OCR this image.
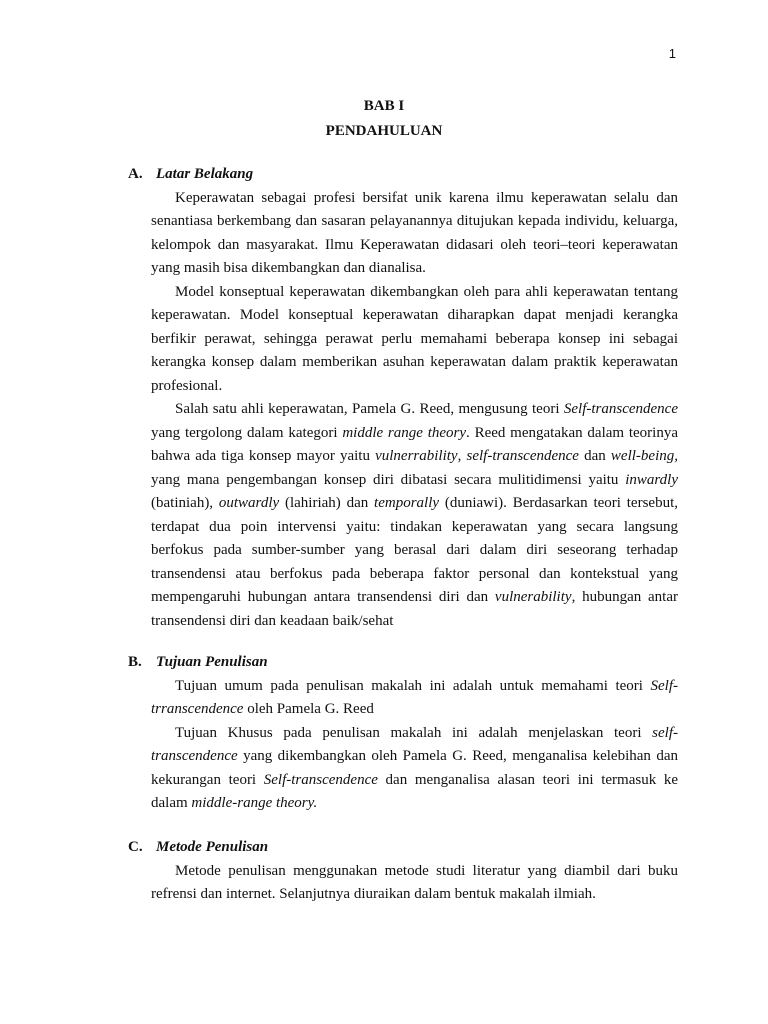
1
BAB I
PENDAHULUAN
A. Latar Belakang

Keperawatan sebagai profesi bersifat unik karena ilmu keperawatan selalu dan senantiasa berkembang dan sasaran pelayanannya ditujukan kepada individu, keluarga, kelompok dan masyarakat. Ilmu Keperawatan didasari oleh teori–teori keperawatan yang masih bisa dikembangkan dan dianalisa.

Model konseptual keperawatan dikembangkan oleh para ahli keperawatan tentang keperawatan. Model konseptual keperawatan diharapkan dapat menjadi kerangka berfikir perawat, sehingga perawat perlu memahami beberapa konsep ini sebagai kerangka konsep dalam memberikan asuhan keperawatan dalam praktik keperawatan profesional.

Salah satu ahli keperawatan, Pamela G. Reed, mengusung teori Self-transcendence yang tergolong dalam kategori middle range theory. Reed mengatakan dalam teorinya bahwa ada tiga konsep mayor yaitu vulnerrability, self-transcendence dan well-being, yang mana pengembangan konsep diri dibatasi secara mulitidimensi yaitu inwardly (batiniah), outwardly (lahiriah) dan temporally (duniawi). Berdasarkan teori tersebut, terdapat dua poin intervensi yaitu: tindakan keperawatan yang secara langsung berfokus pada sumber-sumber yang berasal dari dalam diri seseorang terhadap transendensi atau berfokus pada beberapa faktor personal dan kontekstual yang mempengaruhi hubungan antara transendensi diri dan vulnerability, hubungan antar transendensi diri dan keadaan baik/sehat

B. Tujuan Penulisan

Tujuan umum pada penulisan makalah ini adalah untuk memahami teori Self-trranscendence oleh Pamela G. Reed

Tujuan Khusus pada penulisan makalah ini adalah menjelaskan teori self-transcendence yang dikembangkan oleh Pamela G. Reed, menganalisa kelebihan dan kekurangan teori Self-transcendence dan menganalisa alasan teori ini termasuk ke dalam middle-range theory.

C. Metode Penulisan

Metode penulisan menggunakan metode studi literatur yang diambil dari buku refrensi dan internet. Selanjutnya diuraikan dalam bentuk makalah ilmiah.
